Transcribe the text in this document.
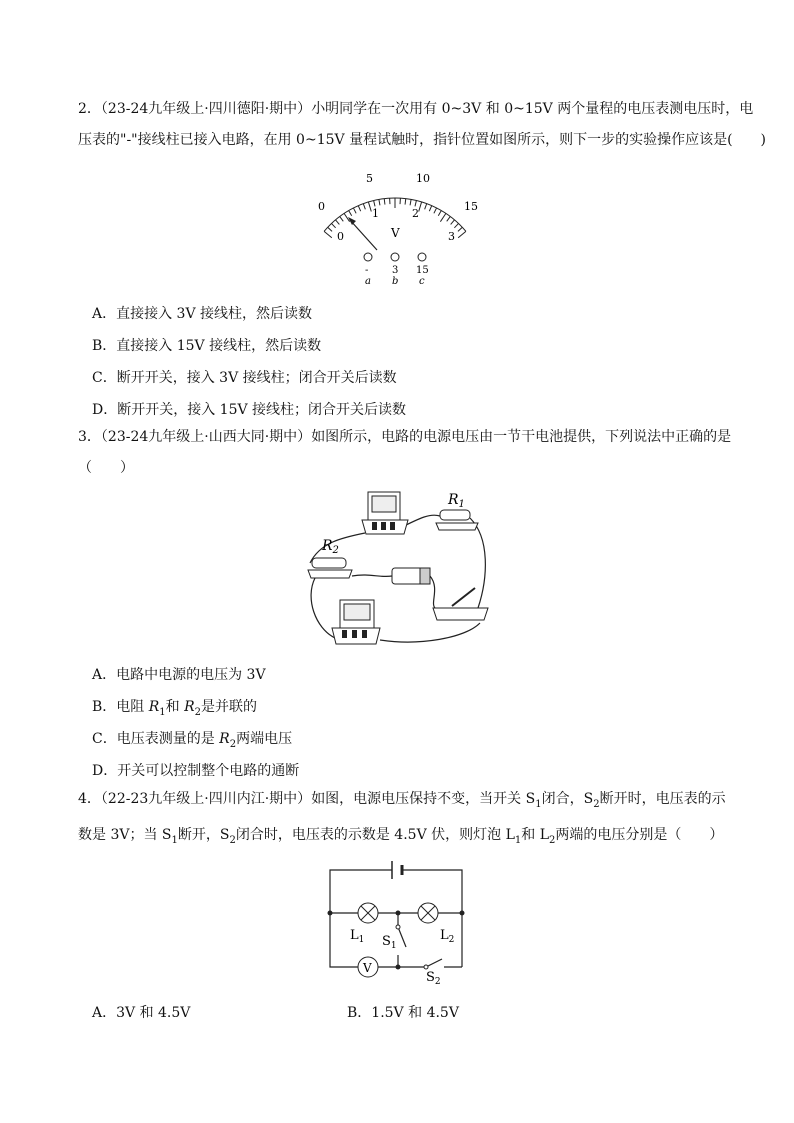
2．（23-24九年级上·四川德阳·期中）小明同学在一次用有 0~3V 和 0~15V 两个量程的电压表测电压时，电
压表的"-"接线柱已接入电路，在用 0~15V 量程试触时，指针位置如图所示，则下一步的实验操作应该是(　　)
0
5	10
15
0
1	2
3
V
- 3 15
a b c
A．直接接入 3V 接线柱，然后读数
B．直接接入 15V 接线柱，然后读数
C．断开开关，接入 3V 接线柱；闭合开关后读数
D．断开开关，接入 15V 接线柱；闭合开关后读数
3．（23-24九年级上·山西大同·期中）如图所示，电路的电源电压由一节干电池提供，下列说法中正确的是
（　　）
$R_1$
$R_2$
A．电路中电源的电压为 3V
B．电阻 $R_1$和 $R_2$是并联的
C．电压表测量的是 $R_2$两端电压
D．开关可以控制整个电路的通断
4．（22-23九年级上·四川内江·期中）如图，电源电压保持不变，当开关 $S_1$闭合，$S_2$断开时，电压表的示
数是 3V；当 $S_1$断开，$S_2$闭合时，电压表的示数是 4.5V 伏，则灯泡 $L_1$和 $L_2$两端的电压分别是（　　）
V
$L_1$	$L_2$
$S_1$
$S_2$
A．3V 和 4.5V	B．1.5V 和 4.5V
